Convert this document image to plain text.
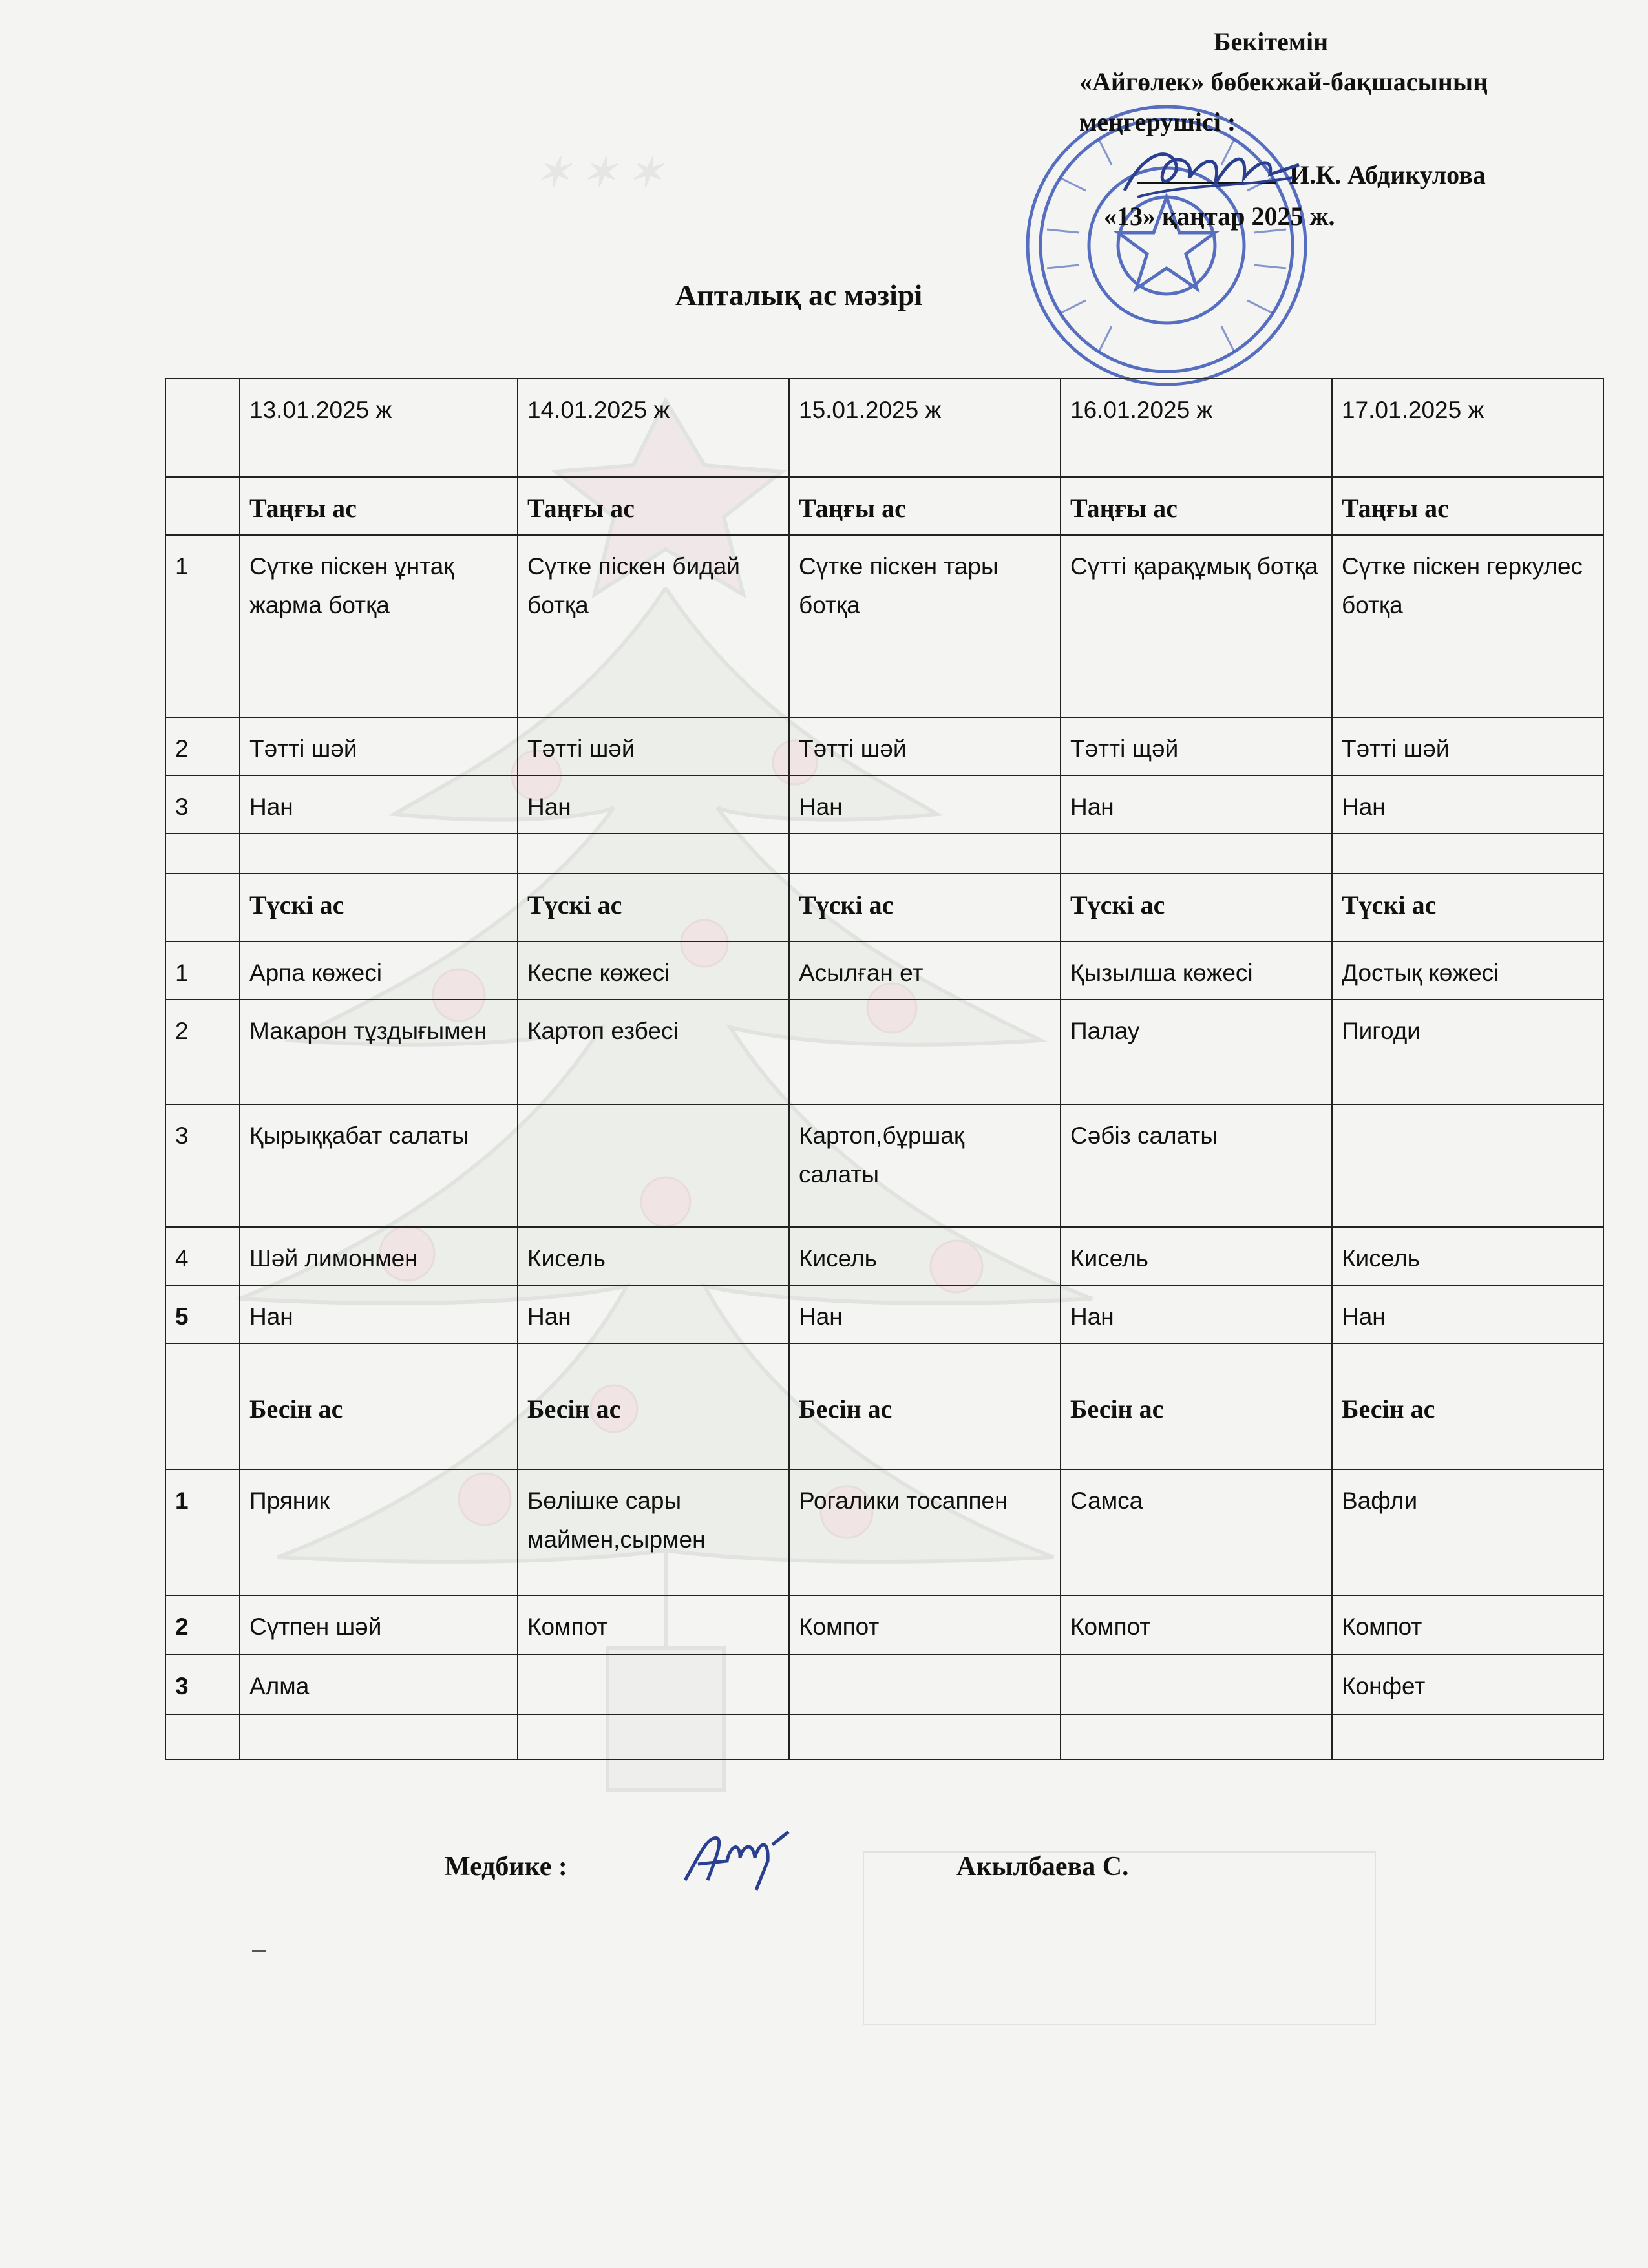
✶ ✶ ✶

Бекітемін
«Айгөлек» бөбекжай-бақшасының
меңгерушісі :
И.К. Абдикулова
«13» қаңтар 2025 ж.
Апталық ас мәзірі
	13.01.2025 ж	14.01.2025 ж	15.01.2025 ж	16.01.2025 ж	17.01.2025 ж
	Таңғы ас	Таңғы ас	Таңғы ас	Таңғы ас	Таңғы ас
1	Сүтке піскен ұнтақ жарма ботқа	Сүтке піскен бидай ботқа	Сүтке піскен тары ботқа	Сүтті қарақұмық ботқа	Сүтке піскен геркулес ботқа
2	Тәтті шәй	Тәтті шәй	Тәтті шәй	Тәтті щәй	Тәтті шәй
3	Нан	Нан	Нан	Нан	Нан

	Түскі ас	Түскі ас	Түскі ас	Түскі ас	Түскі ас
1	Арпа көжесі	Кеспе көжесі	Асылған ет	Қызылша көжесі	Достық көжесі
2	Макарон тұздығымен	Картоп езбесі		Палау	Пигоди
3	Қырыққабат салаты		Картоп,бұршақ салаты	Сәбіз салаты	
4	Шәй лимонмен	Кисель	Кисель	Кисель	Кисель
5	Нан	Нан	Нан	Нан	Нан
	Бесін ас	Бесін ас	Бесін ас	Бесін ас	Бесін ас
1	Пряник	Бөлішке сары маймен,сырмен	Рогалики тосаппен	Самса	Вафли
2	Сүтпен шәй	Компот	Компот	Компот	Компот
3	Алма				Конфет

Медбике :	Акылбаева С.
